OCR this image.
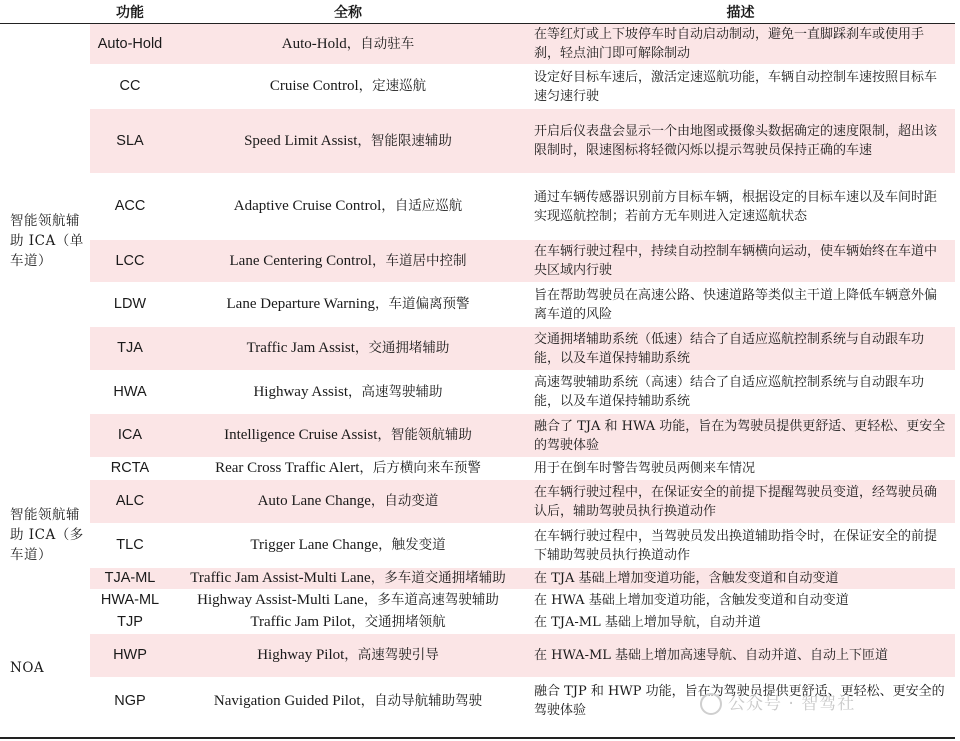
	功能	全称	描述
智能领航辅助 ICA（单车道）	Auto-Hold	Auto-Hold，自动驻车	在等红灯或上下坡停车时自动启动制动，避免一直脚踩刹车或使用手刹，轻点油门即可解除制动
	CC	Cruise Control，定速巡航	设定好目标车速后，激活定速巡航功能，车辆自动控制车速按照目标车速匀速行驶
	SLA	Speed Limit Assist，智能限速辅助	开启后仪表盘会显示一个由地图或摄像头数据确定的速度限制，超出该限制时，限速图标将轻微闪烁以提示驾驶员保持正确的车速
	ACC	Adaptive Cruise Control，自适应巡航	通过车辆传感器识别前方目标车辆，根据设定的目标车速以及车间时距实现巡航控制；若前方无车则进入定速巡航状态
	LCC	Lane Centering Control，车道居中控制	在车辆行驶过程中，持续自动控制车辆横向运动，使车辆始终在车道中央区域内行驶
	LDW	Lane Departure Warning，车道偏离预警	旨在帮助驾驶员在高速公路、快速道路等类似主干道上降低车辆意外偏离车道的风险
	TJA	Traffic Jam Assist，交通拥堵辅助	交通拥堵辅助系统（低速）结合了自适应巡航控制系统与自动跟车功能，以及车道保持辅助系统
	HWA	Highway Assist，高速驾驶辅助	高速驾驶辅助系统（高速）结合了自适应巡航控制系统与自动跟车功能，以及车道保持辅助系统
	ICA	Intelligence Cruise Assist，智能领航辅助	融合了 TJA 和 HWA 功能，旨在为驾驶员提供更舒适、更轻松、更安全的驾驶体验
智能领航辅助 ICA（多车道）	RCTA	Rear Cross Traffic Alert，后方横向来车预警	用于在倒车时警告驾驶员两侧来车情况
	ALC	Auto Lane Change，自动变道	在车辆行驶过程中，在保证安全的前提下提醒驾驶员变道，经驾驶员确认后，辅助驾驶员执行换道动作
	TLC	Trigger Lane Change，触发变道	在车辆行驶过程中，当驾驶员发出换道辅助指令时，在保证安全的前提下辅助驾驶员执行换道动作
	TJA-ML	Traffic Jam Assist-Multi Lane，多车道交通拥堵辅助	在 TJA 基础上增加变道功能，含触发变道和自动变道
	HWA-ML	Highway Assist-Multi Lane，多车道高速驾驶辅助	在 HWA 基础上增加变道功能，含触发变道和自动变道
NOA	TJP	Traffic Jam Pilot，交通拥堵领航	在 TJA-ML 基础上增加导航，自动并道
	HWP	Highway Pilot，高速驾驶引导	在 HWA-ML 基础上增加高速导航、自动并道、自动上下匝道
	NGP	Navigation Guided Pilot，自动导航辅助驾驶	融合 TJP 和 HWP 功能，旨在为驾驶员提供更舒适、更轻松、更安全的驾驶体验	公众号 · 智驾社
